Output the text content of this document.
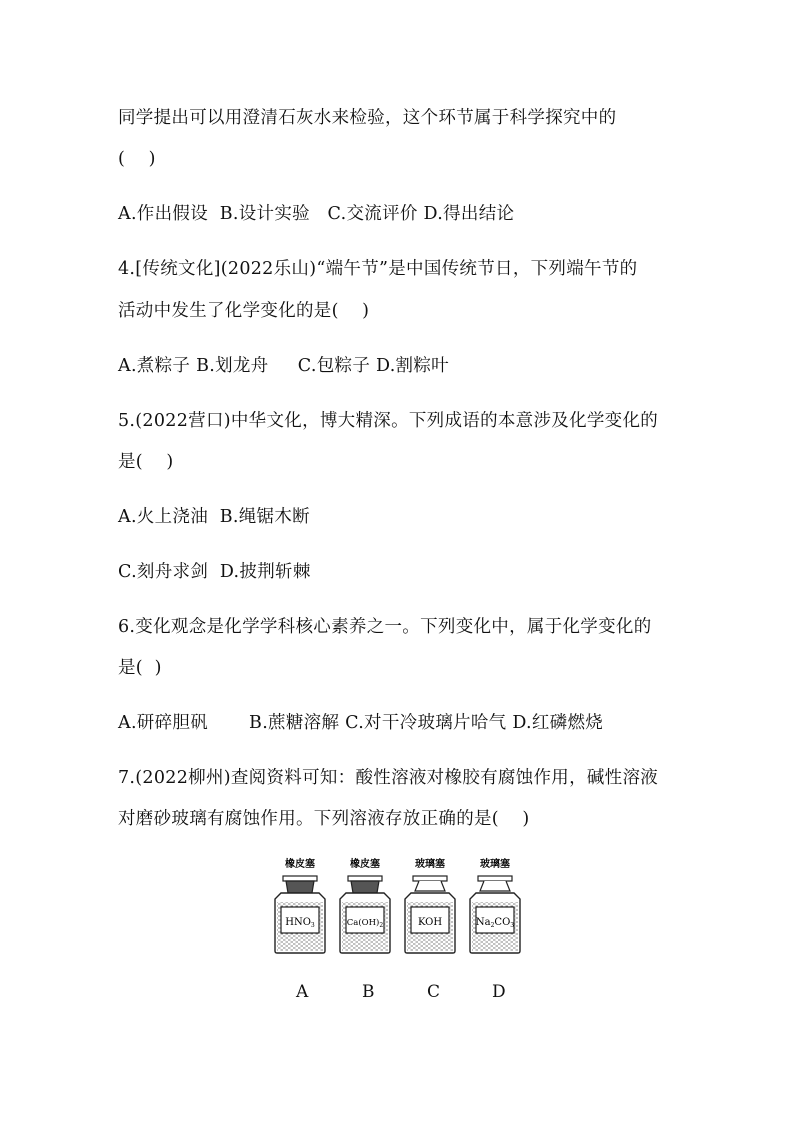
同学提出可以用澄清石灰水来检验，这个环节属于科学探究中的

(    )

A.作出假设  B.设计实验   C.交流评价 D.得出结论

4.[传统文化](2022乐山)“端午节”是中国传统节日，下列端午节的

活动中发生了化学变化的是(    )

A.煮粽子 B.划龙舟     C.包粽子 D.割粽叶

5.(2022营口)中华文化，博大精深。下列成语的本意涉及化学变化的

是(    )

A.火上浇油  B.绳锯木断

C.刻舟求剑  D.披荆斩棘

6.变化观念是化学学科核心素养之一。下列变化中，属于化学变化的

是(  )

A.研碎胆矾       B.蔗糖溶解 C.对干冷玻璃片哈气 D.红磷燃烧

7.(2022柳州)查阅资料可知：酸性溶液对橡胶有腐蚀作用，碱性溶液

对磨砂玻璃有腐蚀作用。下列溶液存放正确的是(    )

橡皮塞
$HNO_3$
橡皮塞
$Ca(OH)_2$
玻璃塞
KOH
玻璃塞
$Na_2CO_3$
A	B	C	D
